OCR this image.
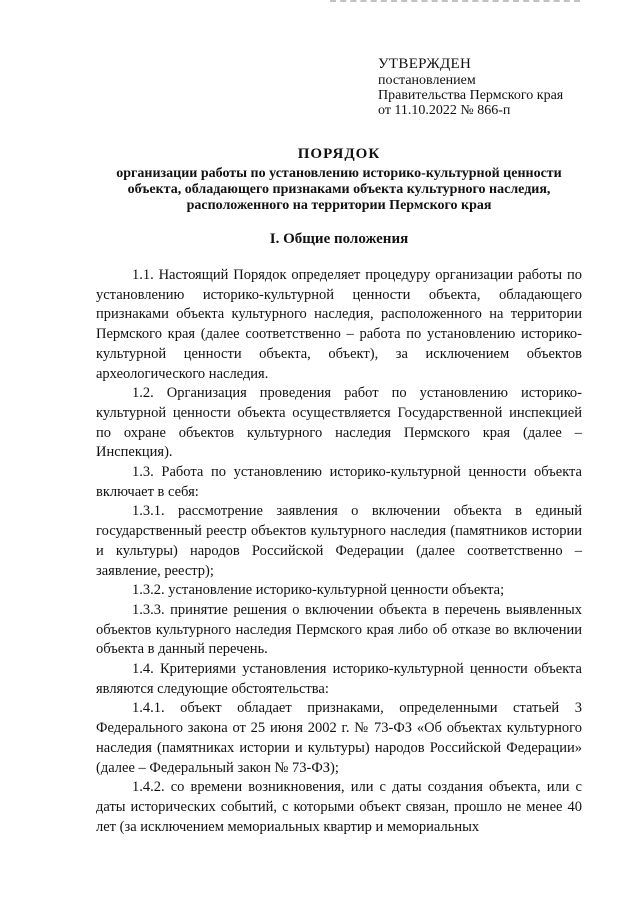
УТВЕРЖДЕН
постановлением
Правительства Пермского края
от 11.10.2022 № 866-п
ПОРЯДОК
организации работы по установлению историко-культурной ценности
объекта, обладающего признаками объекта культурного наследия,
расположенного на территории Пермского края
I. Общие положения

1.1. Настоящий Порядок определяет процедуру организации работы по установлению историко-культурной ценности объекта, обладающего признаками объекта культурного наследия, расположенного на территории Пермского края (далее соответственно – работа по установлению историко-культурной ценности объекта, объект), за исключением объектов археологического наследия.

1.2. Организация проведения работ по установлению историко-культурной ценности объекта осуществляется Государственной инспекцией по охране объектов культурного наследия Пермского края (далее – Инспекция).

1.3. Работа по установлению историко-культурной ценности объекта включает в себя:

1.3.1. рассмотрение заявления о включении объекта в единый государственный реестр объектов культурного наследия (памятников истории и культуры) народов Российской Федерации (далее соответственно – заявление, реестр);

1.3.2. установление историко-культурной ценности объекта;

1.3.3. принятие решения о включении объекта в перечень выявленных объектов культурного наследия Пермского края либо об отказе во включении объекта в данный перечень.

1.4. Критериями установления историко-культурной ценности объекта являются следующие обстоятельства:

1.4.1. объект обладает признаками, определенными статьей 3 Федерального закона от 25 июня 2002 г. № 73-ФЗ «Об объектах культурного наследия (памятниках истории и культуры) народов Российской Федерации» (далее – Федеральный закон № 73-ФЗ);

1.4.2. со времени возникновения, или с даты создания объекта, или с даты исторических событий, с которыми объект связан, прошло не менее 40 лет (за исключением мемориальных квартир и мемориальных
